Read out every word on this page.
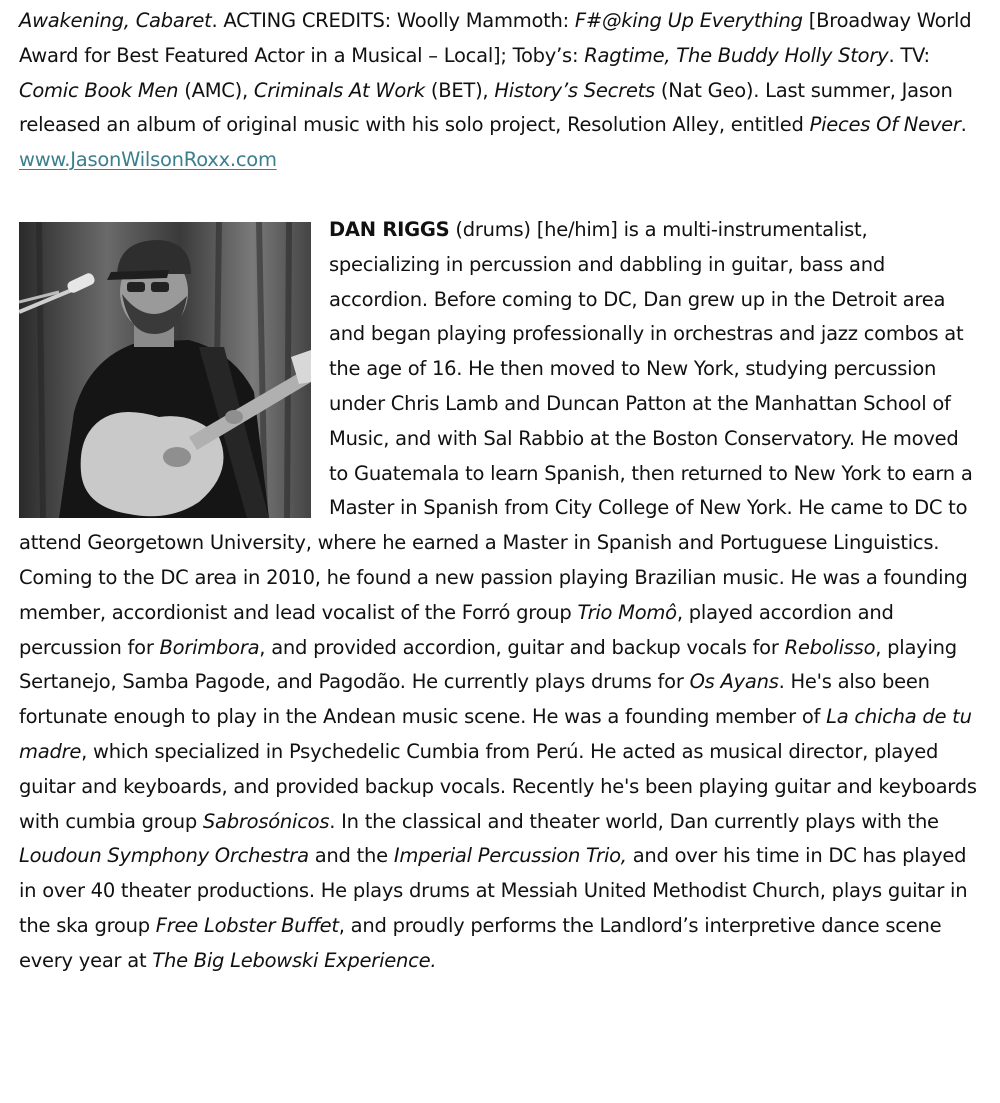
Awakening, Cabaret. ACTING CREDITS: Woolly Mammoth: F#@king Up Everything [Broadway World Award for Best Featured Actor in a Musical – Local]; Toby’s: Ragtime, The Buddy Holly Story. TV: Comic Book Men (AMC), Criminals At Work (BET), History’s Secrets (Nat Geo). Last summer, Jason released an album of original music with his solo project, Resolution Alley, entitled Pieces Of Never.
www.JasonWilsonRoxx.com

DAN RIGGS (drums) [he/him] is a multi-instrumentalist, specializing in percussion and dabbling in guitar, bass and accordion. Before coming to DC, Dan grew up in the Detroit area and began playing professionally in orchestras and jazz combos at the age of 16. He then moved to New York, studying percussion under Chris Lamb and Duncan Patton at the Manhattan School of Music, and with Sal Rabbio at the Boston Conservatory. He moved to Guatemala to learn Spanish, then returned to New York to earn a Master in Spanish from City College of New York. He came to DC to attend Georgetown University, where he earned a Master in Spanish and Portuguese Linguistics. Coming to the DC area in 2010, he found a new passion playing Brazilian music. He was a founding member, accordionist and lead vocalist of the Forró group Trio Momô, played accordion and percussion for Borimbora, and provided accordion, guitar and backup vocals for Rebolisso, playing Sertanejo, Samba Pagode, and Pagodão. He currently plays drums for Os Ayans. He's also been fortunate enough to play in the Andean music scene. He was a founding member of La chicha de tu madre, which specialized in Psychedelic Cumbia from Perú. He acted as musical director, played guitar and keyboards, and provided backup vocals. Recently he's been playing guitar and keyboards with cumbia group Sabrosónicos. In the classical and theater world, Dan currently plays with the Loudoun Symphony Orchestra and the Imperial Percussion Trio, and over his time in DC has played in over 40 theater productions. He plays drums at Messiah United Methodist Church, plays guitar in the ska group Free Lobster Buffet, and proudly performs the Landlord’s interpretive dance scene every year at The Big Lebowski Experience.
